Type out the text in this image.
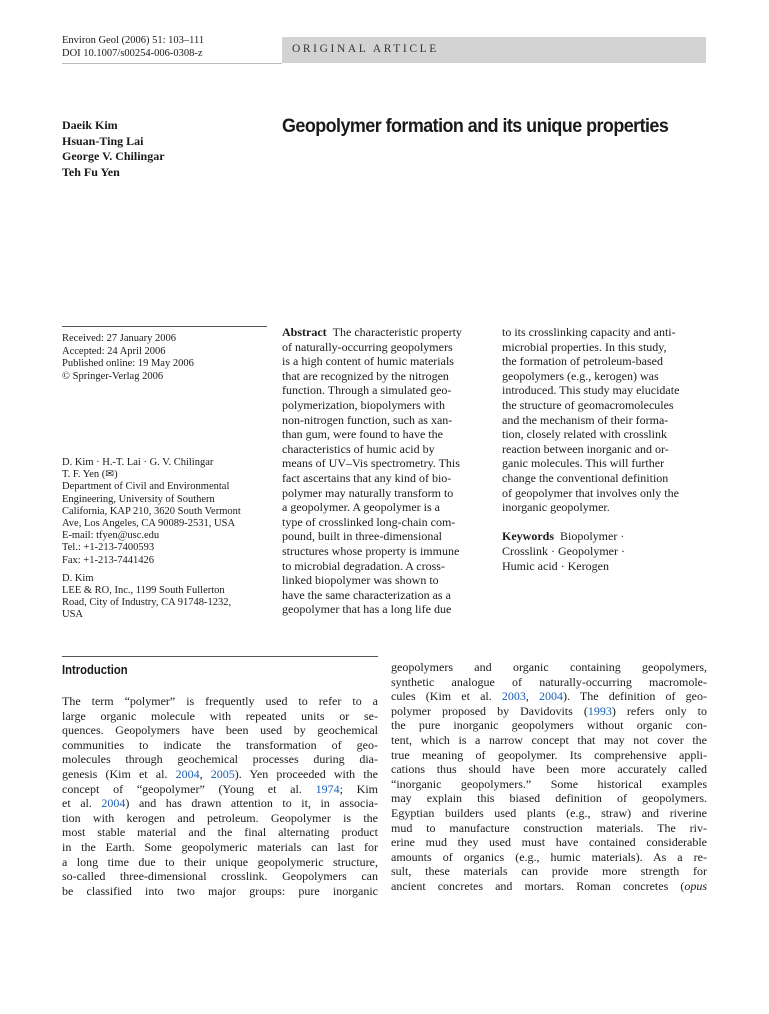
Environ Geol (2006) 51: 103–111
DOI 10.1007/s00254-006-0308-z	ORIGINAL ARTICLE
Daeik Kim
Hsuan-Ting Lai
George V. Chilingar
Teh Fu Yen
Geopolymer formation and its unique properties
Received: 27 January 2006
Accepted: 24 April 2006
Published online: 19 May 2006
© Springer-Verlag 2006
D. Kim · H.-T. Lai · G. V. Chilingar
T. F. Yen (✉)
Department of Civil and Environmental
Engineering, University of Southern
California, KAP 210, 3620 South Vermont
Ave, Los Angeles, CA 90089-2531, USA
E-mail: tfyen@usc.edu
Tel.: +1-213-7400593
Fax: +1-213-7441426
D. Kim
LEE & RO, Inc., 1199 South Fullerton
Road, City of Industry, CA 91748-1232,
USA
Abstract The characteristic property
of naturally-occurring geopolymers
is a high content of humic materials
that are recognized by the nitrogen
function. Through a simulated geo-
polymerization, biopolymers with
non-nitrogen function, such as xan-
than gum, were found to have the
characteristics of humic acid by
means of UV–Vis spectrometry. This
fact ascertains that any kind of bio-
polymer may naturally transform to
a geopolymer. A geopolymer is a
type of crosslinked long-chain com-
pound, built in three-dimensional
structures whose property is immune
to microbial degradation. A cross-
linked biopolymer was shown to
have the same characterization as a
geopolymer that has a long life due
to its crosslinking capacity and anti-
microbial properties. In this study,
the formation of petroleum-based
geopolymers (e.g., kerogen) was
introduced. This study may elucidate
the structure of geomacromolecules
and the mechanism of their forma-
tion, closely related with crosslink
reaction between inorganic and or-
ganic molecules. This will further
change the conventional definition
of geopolymer that involves only the
inorganic geopolymer.
Keywords Biopolymer ·
Crosslink · Geopolymer ·
Humic acid · Kerogen
Introduction
The term “polymer” is frequently used to refer to a
large organic molecule with repeated units or se-
quences. Geopolymers have been used by geochemical
communities to indicate the transformation of geo-
molecules through geochemical processes during dia-
genesis (Kim et al. 2004, 2005). Yen proceeded with the
concept of “geopolymer” (Young et al. 1974; Kim
et al. 2004) and has drawn attention to it, in associa-
tion with kerogen and petroleum. Geopolymer is the
most stable material and the final alternating product
in the Earth. Some geopolymeric materials can last for
a long time due to their unique geopolymeric structure,
so-called three-dimensional crosslink. Geopolymers can
be classified into two major groups: pure inorganic
geopolymers and organic containing geopolymers,
synthetic analogue of naturally-occurring macromole-
cules (Kim et al. 2003, 2004). The definition of geo-
polymer proposed by Davidovits (1993) refers only to
the pure inorganic geopolymers without organic con-
tent, which is a narrow concept that may not cover the
true meaning of geopolymer. Its comprehensive appli-
cations thus should have been more accurately called
“inorganic geopolymers.” Some historical examples
may explain this biased definition of geopolymers.
Egyptian builders used plants (e.g., straw) and riverine
mud to manufacture construction materials. The riv-
erine mud they used must have contained considerable
amounts of organics (e.g., humic materials). As a re-
sult, these materials can provide more strength for
ancient concretes and mortars. Roman concretes (opus
